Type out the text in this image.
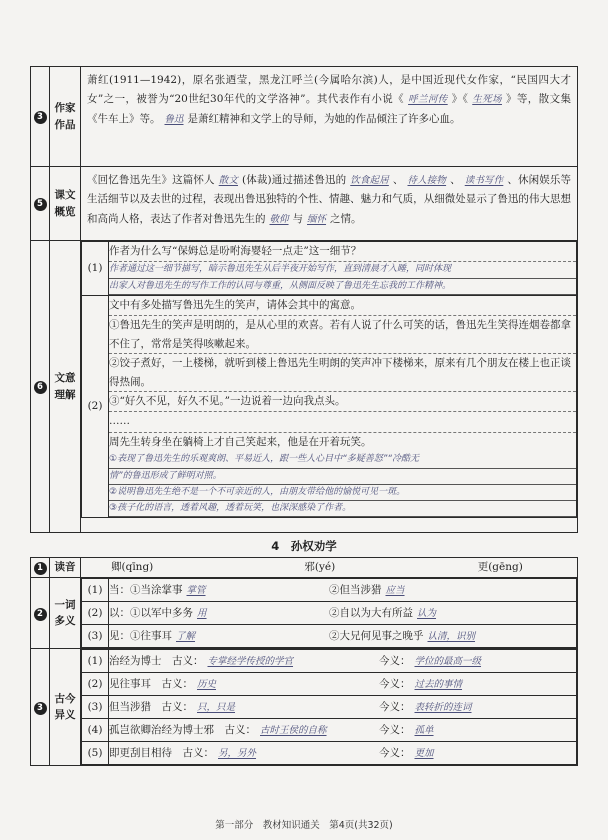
3	作家作品	
萧红(1911—1942)，原名张迺莹，黑龙江呼兰(今属哈尔滨)人，是中国近现代女作家，“民国四大才女”之一，被誉为“20世纪30年代的文学洛神”。其代表作有小说《 呼兰河传 》《 生死场 》等，散文集《牛车上》等。 鲁迅 是萧红精神和文学上的导师，为她的作品倾注了许多心血。

5	课文概览	
《回忆鲁迅先生》这篇怀人 散文 (体裁)通过描述鲁迅的 饮食起居 、 待人接物 、 读书写作 、休闲娱乐等生活细节以及去世的过程，表现出鲁迅独特的个性、情趣、魅力和气质，从细微处显示了鲁迅的伟大思想和高尚人格，表达了作者对鲁迅先生的 敬仰 与 缅怀 之情。

6	文意理解	
(1)	
作者为什么写“保姆总是吩咐海婴轻一点走”这一细节？
作者通过这一细节描写，暗示鲁迅先生从后半夜开始写作，直到清晨才入睡，同时体现
出家人对鲁迅先生的写作工作的认同与尊重，从侧面反映了鲁迅先生忘我的工作精神。

(2)	
文中有多处描写鲁迅先生的笑声，请体会其中的寓意。
①鲁迅先生的笑声是明朗的，是从心里的欢喜。若有人说了什么可笑的话，鲁迅先生笑得连烟卷都拿不住了，常常是笑得咳嗽起来。
②饺子煮好，一上楼梯，就听到楼上鲁迅先生明朗的笑声冲下楼梯来，原来有几个朋友在楼上也正谈得热闹。
③“好久不见，好久不见。”一边说着一边向我点头。
……
周先生转身坐在躺椅上才自己笑起来，他是在开着玩笑。
①表现了鲁迅先生的乐观爽朗、平易近人，跟一些人心目中“多疑善怒”“冷酷无
情”的鲁迅形成了鲜明对照。
②说明鲁迅先生绝不是一个不可亲近的人，由朋友带给他的愉悦可见一斑。
③孩子化的语言，透着风趣，透着玩笑，也深深感染了作者。
4　孙权劝学
1	读音	卿(qīng)	邪(yé)	更(gēng)
2	一词多义	
(1)	当：①当涂掌事 掌管	②但当涉猎 应当
(2)	以：①以军中多务 用	②自以为大有所益 认为
(3)	见：①往事耳 了解	②大兄何见事之晚乎 认清，识别

3	古今异义	
(1)	治经为博士　 古义： 专掌经学传授的学官	今义： 学位的最高一级
(2)	见往事耳　 古义： 历史	今义： 过去的事情
(3)	但当涉猎　 古义： 只，只是	今义： 表转折的连词
(4)	孤岂欲卿治经为博士邪　 古义： 古时王侯的自称	今义： 孤单
(5)	即更刮目相待　 古义： 另，另外	今义： 更加
第一部分　教材知识通关　第4页(共32页)
